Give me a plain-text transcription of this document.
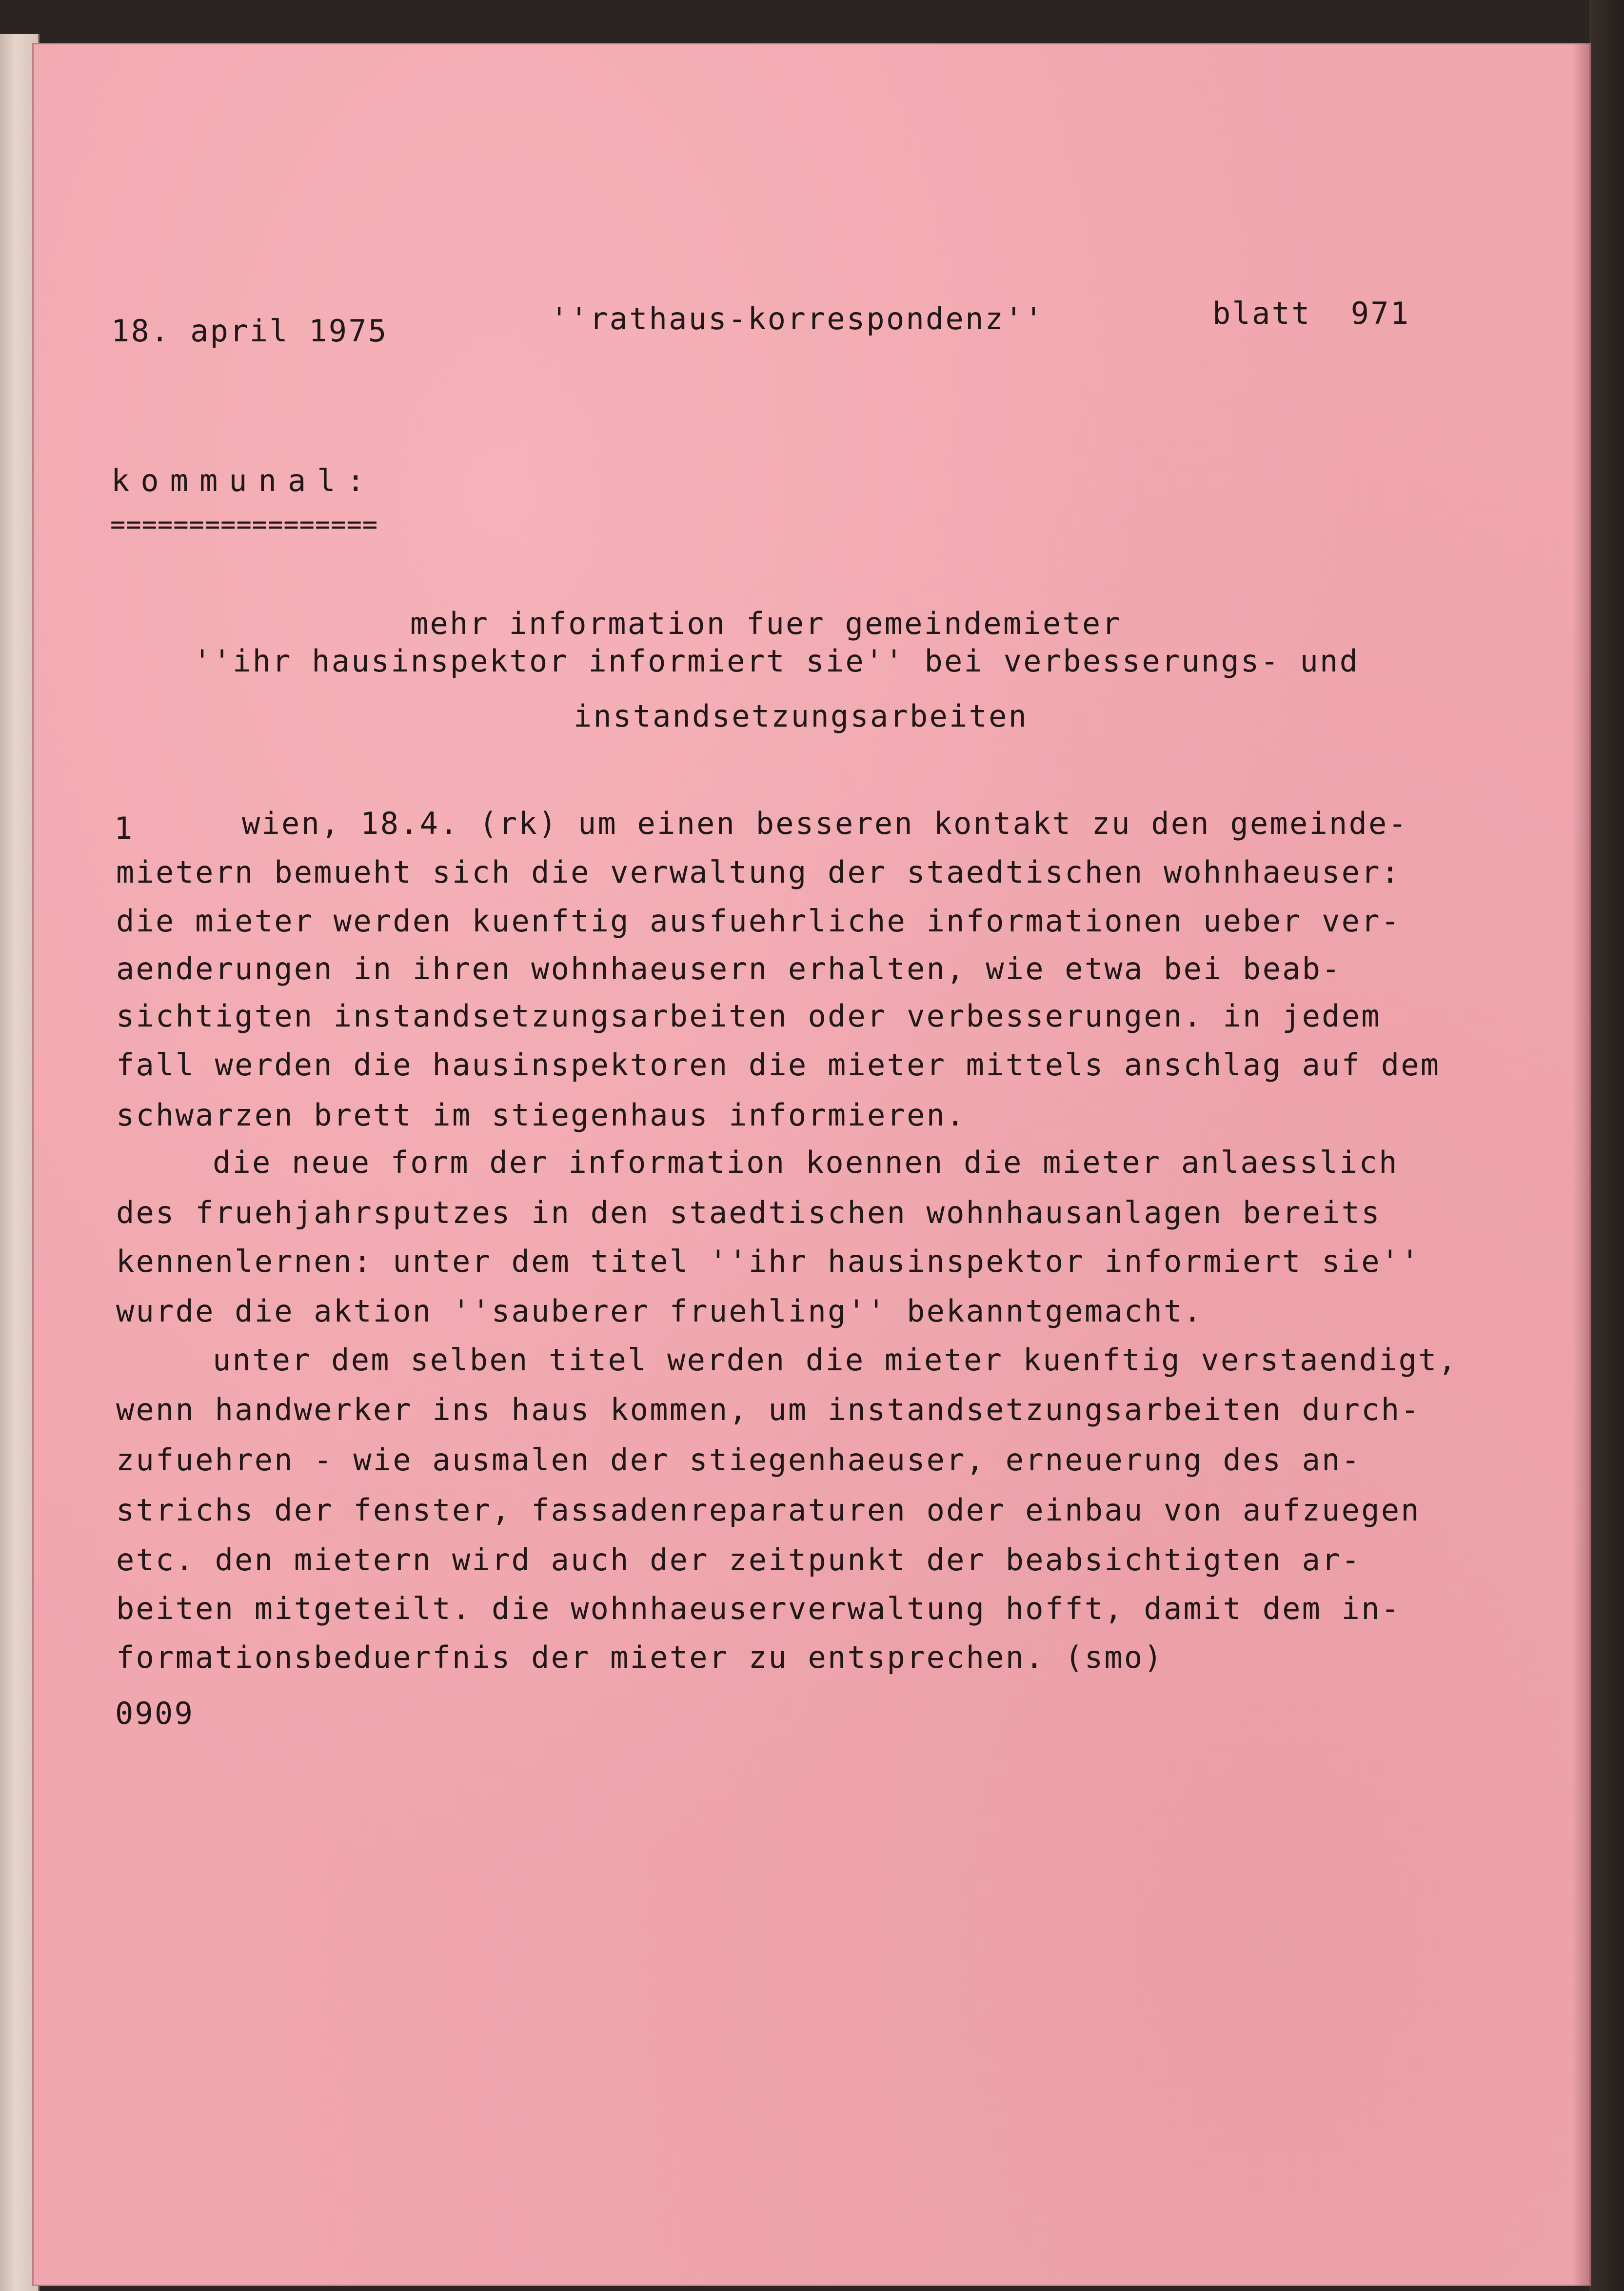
18. april 1975	''rathaus-korrespondenz''	blatt  971
kommunal:
=================
mehr information fuer gemeindemieter
''ihr hausinspektor informiert sie'' bei verbesserungs- und
instandsetzungsarbeiten
1	wien, 18.4. (rk) um einen besseren kontakt zu den gemeinde-
mietern bemueht sich die verwaltung der staedtischen wohnhaeuser:
die mieter werden kuenftig ausfuehrliche informationen ueber ver-
aenderungen in ihren wohnhaeusern erhalten, wie etwa bei beab-
sichtigten instandsetzungsarbeiten oder verbesserungen. in jedem
fall werden die hausinspektoren die mieter mittels anschlag auf dem
schwarzen brett im stiegenhaus informieren.
die neue form der information koennen die mieter anlaesslich
des fruehjahrsputzes in den staedtischen wohnhausanlagen bereits
kennenlernen: unter dem titel ''ihr hausinspektor informiert sie''
wurde die aktion ''sauberer fruehling'' bekanntgemacht.
unter dem selben titel werden die mieter kuenftig verstaendigt,
wenn handwerker ins haus kommen, um instandsetzungsarbeiten durch-
zufuehren - wie ausmalen der stiegenhaeuser, erneuerung des an-
strichs der fenster, fassadenreparaturen oder einbau von aufzuegen
etc. den mietern wird auch der zeitpunkt der beabsichtigten ar-
beiten mitgeteilt. die wohnhaeuserverwaltung hofft, damit dem in-
formationsbeduerfnis der mieter zu entsprechen. (smo)
0909
